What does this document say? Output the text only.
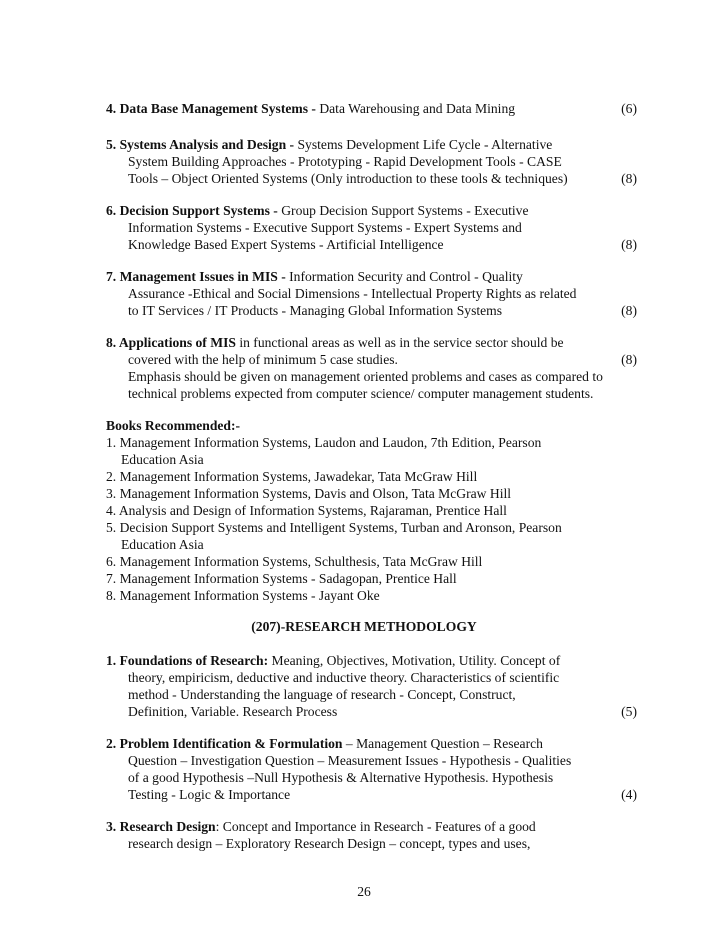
4. Data Base Management Systems - Data Warehousing and Data Mining	(6)
5. Systems Analysis and Design - Systems Development Life Cycle - Alternative
System Building Approaches - Prototyping - Rapid Development Tools - CASE
Tools – Object Oriented Systems (Only introduction to these tools & techniques)	(8)
6. Decision Support Systems - Group Decision Support Systems - Executive
Information Systems - Executive Support Systems - Expert Systems and
Knowledge Based Expert Systems - Artificial Intelligence	(8)
7. Management Issues in MIS - Information Security and Control - Quality
Assurance -Ethical and Social Dimensions - Intellectual Property Rights as related
to IT Services / IT Products - Managing Global Information Systems	(8)
8. Applications of MIS in functional areas as well as in the service sector should be
covered with the help of minimum 5 case studies.	(8)
Emphasis should be given on management oriented problems and cases as compared to
technical problems expected from computer science/ computer management students.
Books Recommended:-
1. Management Information Systems, Laudon and Laudon, 7th Edition, Pearson
Education Asia
2. Management Information Systems, Jawadekar, Tata McGraw Hill
3. Management Information Systems, Davis and Olson, Tata McGraw Hill
4. Analysis and Design of Information Systems, Rajaraman, Prentice Hall
5. Decision Support Systems and Intelligent Systems, Turban and Aronson, Pearson
Education Asia
6. Management Information Systems, Schulthesis, Tata McGraw Hill
7. Management Information Systems - Sadagopan, Prentice Hall
8. Management Information Systems - Jayant Oke
(207)-RESEARCH METHODOLOGY
1. Foundations of Research: Meaning, Objectives, Motivation, Utility. Concept of
theory, empiricism, deductive and inductive theory. Characteristics of scientific
method - Understanding the language of research - Concept, Construct,
Definition, Variable. Research Process	(5)
2. Problem Identification & Formulation – Management Question – Research
Question – Investigation Question – Measurement Issues - Hypothesis - Qualities
of a good Hypothesis –Null Hypothesis & Alternative Hypothesis. Hypothesis
Testing - Logic & Importance	(4)
3. Research Design: Concept and Importance in Research - Features of a good
research design – Exploratory Research Design – concept, types and uses,
26
